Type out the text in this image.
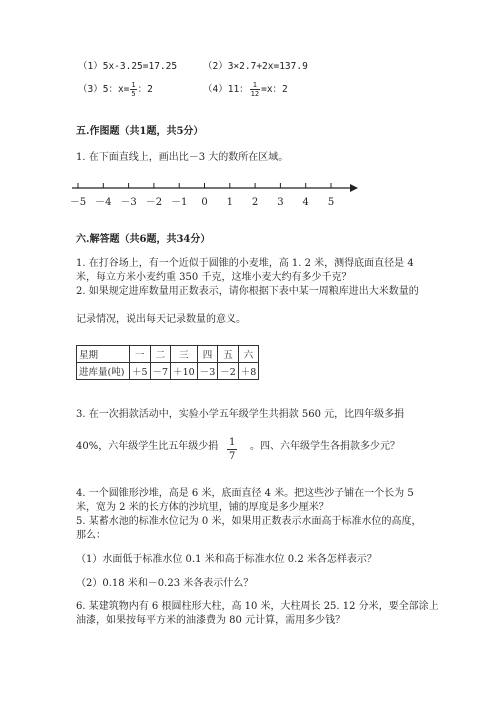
（1）5x-3.25=17.25	（2）3×2.7+2x=137.9
（3）5：$x= \frac{1}{5}$ ：2	（4）11： $\frac{1}{12} =x$：2
五.作图题（共1题，共5分）
1. 在下面直线上，画出比－3 大的数所在区域。
－5 －4 －3 －2 －1 0 1 2 3 4 5
六.解答题（共6题，共34分）
1. 在打谷场上，有一个近似于圆锥的小麦堆，高 1. 2 米，测得底面直径是 4
米，每立方米小麦约重 350 千克，这堆小麦大约有多少千克？
2. 如果规定进库数量用正数表示，请你根据下表中某一周粮库进出大米数量的
记录情况，说出每天记录数量的意义。
星期	一	二	三	四	五	六
进库量(吨)	＋5	－7	＋10	－3	－2	＋8
3. 在一次捐款活动中，实验小学五年级学生共捐款 560 元，比四年级多捐
40%，六年级学生比五年级少捐 $\frac{1}{7}$ 。四、六年级学生各捐款多少元？
4. 一个圆锥形沙堆，高是 6 米，底面直径 4 米。把这些沙子铺在一个长为 5
米，宽为 2 米的长方体的沙坑里，铺的厚度是多少厘米？
5. 某蓄水池的标准水位记为 0 米，如果用正数表示水面高于标准水位的高度，
那么：
（1）水面低于标准水位 0.1 米和高于标准水位 0.2 米各怎样表示？
（2）0.18 米和－0.23 米各表示什么？
6. 某建筑物内有 6 根圆柱形大柱，高 10 米，大柱周长 25. 12 分米，要全部涂上
油漆，如果按每平方米的油漆费为 80 元计算，需用多少钱？
